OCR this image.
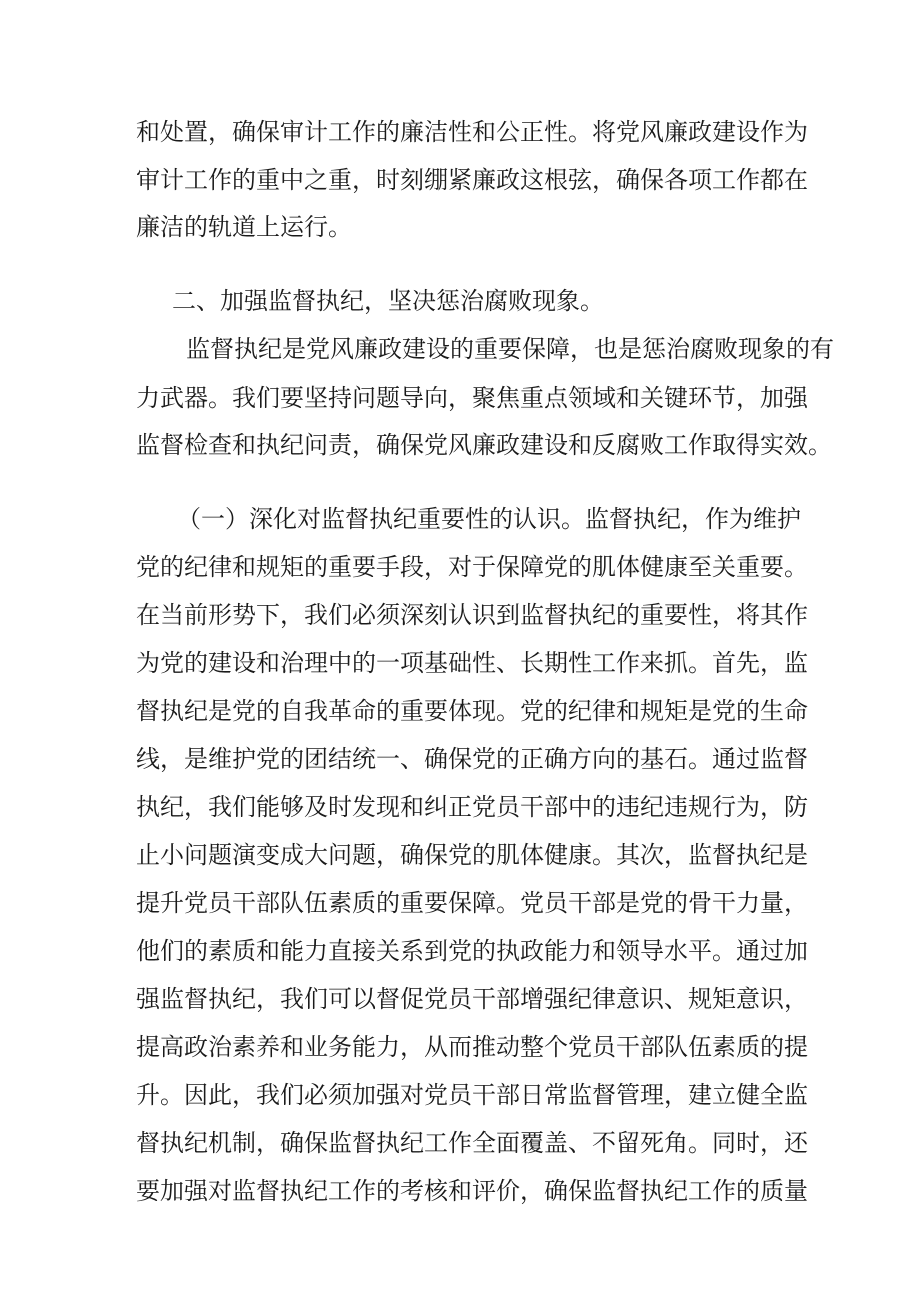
和处置，确保审计工作的廉洁性和公正性。将党风廉政建设作为
审计工作的重中之重，时刻绷紧廉政这根弦，确保各项工作都在
廉洁的轨道上运行。
二、加强监督执纪，坚决惩治腐败现象。
监督执纪是党风廉政建设的重要保障，也是惩治腐败现象的有
力武器。我们要坚持问题导向，聚焦重点领域和关键环节，加强
监督检查和执纪问责，确保党风廉政建设和反腐败工作取得实效。
（一）深化对监督执纪重要性的认识。监督执纪，作为维护
党的纪律和规矩的重要手段，对于保障党的肌体健康至关重要。
在当前形势下，我们必须深刻认识到监督执纪的重要性，将其作
为党的建设和治理中的一项基础性、长期性工作来抓。首先，监
督执纪是党的自我革命的重要体现。党的纪律和规矩是党的生命
线，是维护党的团结统一、确保党的正确方向的基石。通过监督
执纪，我们能够及时发现和纠正党员干部中的违纪违规行为，防
止小问题演变成大问题，确保党的肌体健康。其次，监督执纪是
提升党员干部队伍素质的重要保障。党员干部是党的骨干力量，
他们的素质和能力直接关系到党的执政能力和领导水平。通过加
强监督执纪，我们可以督促党员干部增强纪律意识、规矩意识，
提高政治素养和业务能力，从而推动整个党员干部队伍素质的提
升。因此，我们必须加强对党员干部日常监督管理，建立健全监
督执纪机制，确保监督执纪工作全面覆盖、不留死角。同时，还
要加强对监督执纪工作的考核和评价，确保监督执纪工作的质量
